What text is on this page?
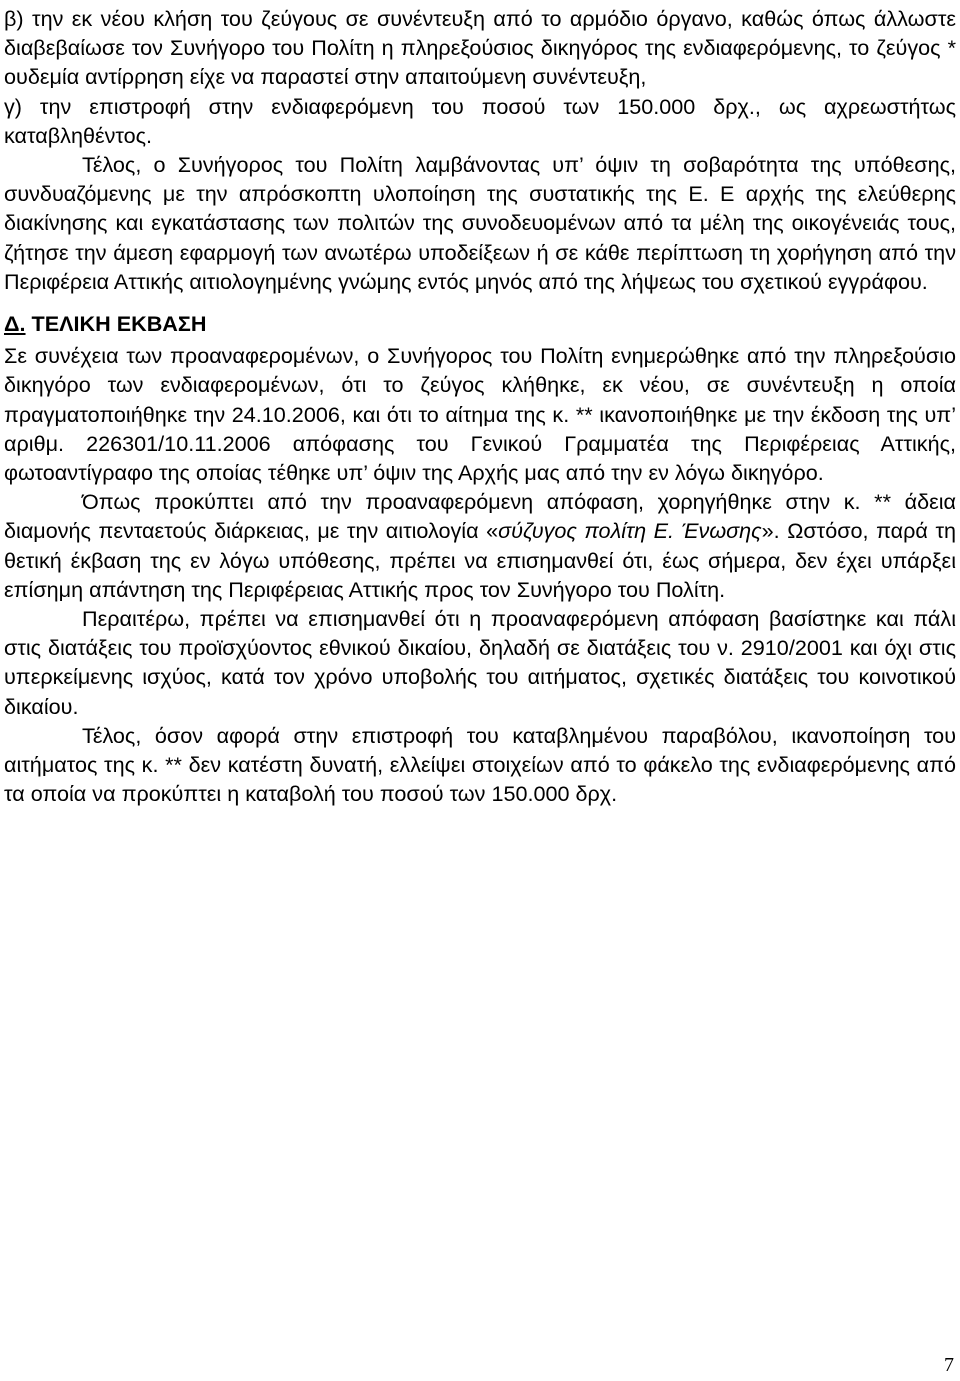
β) την εκ νέου κλήση του ζεύγους σε συνέντευξη από το αρμόδιο όργανο, καθώς όπως άλλωστε διαβεβαίωσε τον Συνήγορο του Πολίτη η πληρεξούσιος δικηγόρος της ενδιαφερόμενης, το ζεύγος * ουδεμία αντίρρηση είχε να παραστεί στην απαιτούμενη συνέντευξη,

γ) την επιστροφή στην ενδιαφερόμενη του ποσού των 150.000 δρχ., ως αχρεωστήτως καταβληθέντος.

Τέλος, ο Συνήγορος του Πολίτη λαμβάνοντας υπ’ όψιν τη σοβαρότητα της υπόθεσης, συνδυαζόμενης με την απρόσκοπτη υλοποίηση της συστατικής της Ε. Ε αρχής της ελεύθερης διακίνησης και εγκατάστασης των πολιτών της συνοδευομένων από τα μέλη της οικογένειάς τους, ζήτησε την άμεση εφαρμογή των ανωτέρω υποδείξεων ή σε κάθε περίπτωση τη χορήγηση από την Περιφέρεια Αττικής αιτιολογημένης γνώμης εντός μηνός από της λήψεως του σχετικού εγγράφου.

Δ. ΤΕΛΙΚΗ ΕΚΒΑΣΗ

Σε συνέχεια των προαναφερομένων, ο Συνήγορος του Πολίτη ενημερώθηκε από την πληρεξούσιο δικηγόρο των ενδιαφερομένων, ότι το ζεύγος κλήθηκε, εκ νέου, σε συνέντευξη η οποία πραγματοποιήθηκε την 24.10.2006, και ότι το αίτημα της κ. ** ικανοποιήθηκε με την έκδοση της υπ’ αριθμ. 226301/10.11.2006 απόφασης του Γενικού Γραμματέα της Περιφέρειας Αττικής, φωτοαντίγραφο της οποίας τέθηκε υπ’ όψιν της Αρχής μας από την εν λόγω δικηγόρο.

Όπως προκύπτει από την προαναφερόμενη απόφαση, χορηγήθηκε στην κ. ** άδεια διαμονής πενταετούς διάρκειας, με την αιτιολογία «σύζυγος πολίτη Ε. Ένωσης». Ωστόσο, παρά τη θετική έκβαση της εν λόγω υπόθεσης, πρέπει να επισημανθεί ότι, έως σήμερα, δεν έχει υπάρξει επίσημη απάντηση της Περιφέρειας Αττικής προς τον Συνήγορο του Πολίτη.

Περαιτέρω, πρέπει να επισημανθεί ότι η προαναφερόμενη απόφαση βασίστηκε και πάλι στις διατάξεις του προϊσχύοντος εθνικού δικαίου, δηλαδή σε διατάξεις του ν. 2910/2001 και όχι στις υπερκείμενης ισχύος, κατά τον χρόνο υποβολής του αιτήματος, σχετικές διατάξεις του κοινοτικού δικαίου.

Τέλος, όσον αφορά στην επιστροφή του καταβλημένου παραβόλου, ικανοποίηση του αιτήματος της κ. ** δεν κατέστη δυνατή, ελλείψει στοιχείων από το φάκελο της ενδιαφερόμενης από τα οποία να προκύπτει η καταβολή του ποσού των 150.000 δρχ.

7
